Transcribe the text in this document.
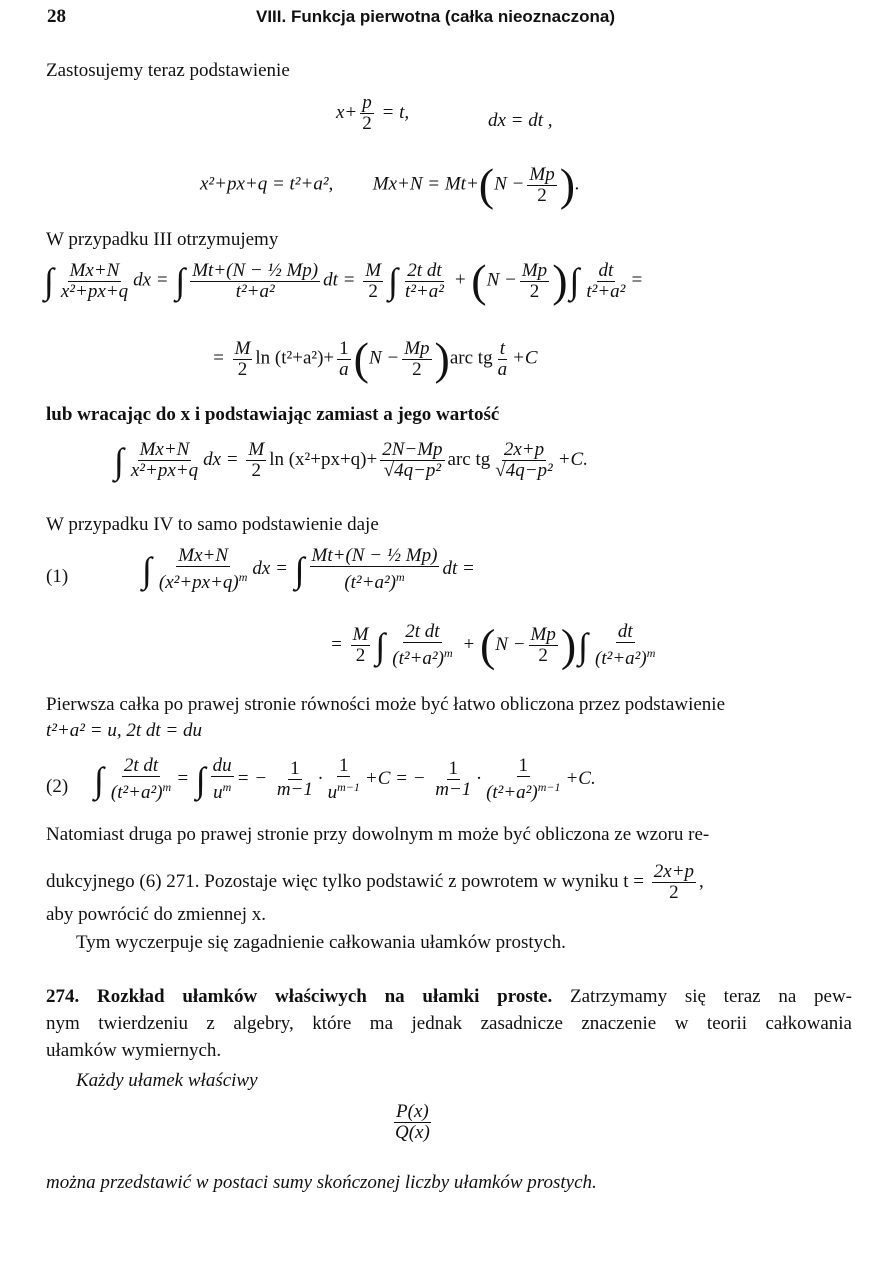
28	VIII. Funkcja pierwotna (całka nieoznaczona)
Zastosujemy teraz podstawienie
$x+ \frac{p}{2} = t$,	dx = dt ,
x²+px+q = t²+a², $Mx+N = Mt+(N - \frac{Mp}{2}$ ).
W przypadku III otrzymujemy
∫ $\frac{Mx+N}{\text{x²+px+q}}$ dx = ∫ $\frac{\text{Mt+(N − ½ Mp)}}{\text{t²+a²}}$ dt = $\frac{M}{2}$ ∫ $\frac{\text{2t dt}}{\text{t²+a²}} + (N - \frac{Mp}{2}$ )∫ $\frac{dt}{\text{t²+a²}}$ =
= $\frac{M}{2}$ $\ln (t^2+a^2)+ \frac{1}{a} (N - \frac{Mp}{2} )arc$ tg $\frac{t}{a} +C$
lub wracając do x i podstawiając zamiast a jego wartość
∫ $\frac{Mx+N}{\text{x²+px+q}}$ dx = $\frac{M}{2}$ $\ln (x^2+px+q)+ \frac{2N-Mp}{\text{√4q−p²}}$ arc tg $\frac{2x+p}{\text{√4q−p²}} +C$.
W przypadku IV to samo podstawienie daje
(1) ∫ $\frac{Mx+N}{(x^2+px+q)^m}$ dx = ∫ $\frac{\text{Mt+(N − ½ Mp)}}{(t^2+a^2)^m}$ dt =
= $\frac{M}{2}$ ∫ $\frac{\text{2t dt}}{(t^2+a^2)^m} + (N - \frac{Mp}{2}$ )∫ $\frac{dt}{(t^2+a^2)^m}$
Pierwsza całka po prawej stronie równości może być łatwo obliczona przez podstawienie
t²+a² = u, 2t dt = du
(2) ∫ $\frac{\text{2t dt}}{(t^2+a^2)^m}$ = ∫ $\frac{du}{u^m}$ = − $\frac{1}{m-1} \cdot \frac{1}{u^{m-1}} +C$ = − $\frac{1}{m-1} \cdot \frac{1}{(t^2+a^2)^{m-1}} +C$.
Natomiast druga po prawej stronie przy dowolnym m może być obliczona ze wzoru re-
dukcyjnego (6) 271. Pozostaje więc tylko podstawić z powrotem w wyniku $t = \frac{2x+p}{2}$ ,
aby powrócić do zmiennej x.
Tym wyczerpuje się zagadnienie całkowania ułamków prostych.
274. Rozkład ułamków właściwych na ułamki proste. Zatrzymamy się teraz na pew-
nym twierdzeniu z algebry, które ma jednak zasadnicze znaczenie w teorii całkowania
ułamków wymiernych.
Każdy ułamek właściwy
$\frac{P(x)}{Q(x)}$
można przedstawić w postaci sumy skończonej liczby ułamków prostych.
